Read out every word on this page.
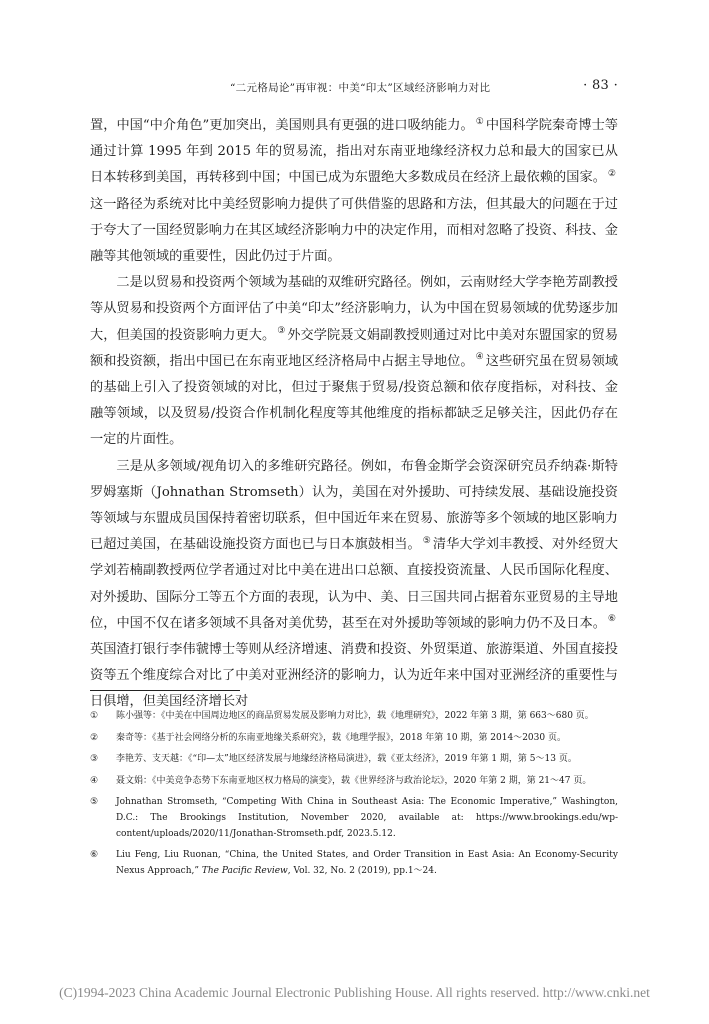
“二元格局论”再审视：中美“印太”区域经济影响力对比	· 83 ·

置，中国“中介角色”更加突出，美国则具有更强的进口吸纳能力。 ① 中国科学院秦奇博士等通过计算 1995 年到 2015 年的贸易流，指出对东南亚地缘经济权力总和最大的国家已从日本转移到美国，再转移到中国；中国已成为东盟绝大多数成员在经济上最依赖的国家。 ②这一路径为系统对比中美经贸影响力提供了可供借鉴的思路和方法，但其最大的问题在于过于夸大了一国经贸影响力在其区域经济影响力中的决定作用，而相对忽略了投资、科技、金融等其他领域的重要性，因此仍过于片面。

二是以贸易和投资两个领域为基础的双维研究路径。例如，云南财经大学李艳芳副教授等从贸易和投资两个方面评估了中美“印太”经济影响力，认为中国在贸易领域的优势逐步加大，但美国的投资影响力更大。 ③ 外交学院聂文娟副教授则通过对比中美对东盟国家的贸易额和投资额，指出中国已在东南亚地区经济格局中占据主导地位。 ④ 这些研究虽在贸易领域的基础上引入了投资领域的对比，但过于聚焦于贸易/投资总额和依存度指标，对科技、金融等领域，以及贸易/投资合作机制化程度等其他维度的指标都缺乏足够关注，因此仍存在一定的片面性。

三是从多领域/视角切入的多维研究路径。例如，布鲁金斯学会资深研究员乔纳森·斯特罗姆塞斯（Johnathan Stromseth）认为，美国在对外援助、可持续发展、基础设施投资等领域与东盟成员国保持着密切联系，但中国近年来在贸易、旅游等多个领域的地区影响力已超过美国，在基础设施投资方面也已与日本旗鼓相当。 ⑤ 清华大学刘丰教授、对外经贸大学刘若楠副教授两位学者通过对比中美在进出口总额、直接投资流量、人民币国际化程度、对外援助、国际分工等五个方面的表现，认为中、美、日三国共同占据着东亚贸易的主导地位，中国不仅在诸多领域不具备对美优势，甚至在对外援助等领域的影响力仍不及日本。 ⑥英国渣打银行李伟虢博士等则从经济增速、消费和投资、外贸渠道、旅游渠道、外国直接投资等五个维度综合对比了中美对亚洲经济的影响力，认为近年来中国对亚洲经济的重要性与日俱增，但美国经济增长对

① 陈小强等：《中美在中国周边地区的商品贸易发展及影响力对比》，载《地理研究》，2022 年第 3 期，第 663～680 页。
② 秦奇等：《基于社会网络分析的东南亚地缘关系研究》，载《地理学报》，2018 年第 10 期，第 2014～2030 页。
③ 李艳芳、支天越：《“印—太”地区经济发展与地缘经济格局演进》，载《亚太经济》，2019 年第 1 期，第 5～13 页。
④ 聂文娟：《中美竞争态势下东南亚地区权力格局的演变》，载《世界经济与政治论坛》，2020 年第 2 期，第 21～47 页。
⑤ Johnathan Stromseth, “Competing With China in Southeast Asia: The Economic Imperative,” Washington, D.C.: The Brookings Institution, November 2020, available at: https://www.brookings.edu/wp-content/uploads/2020/11/Jonathan-Stromseth.pdf, 2023.5.12.
⑥ Liu Feng, Liu Ruonan, “China, the United States, and Order Transition in East Asia: An Economy-Security Nexus Approach,” The Pacific Review, Vol. 32, No. 2 (2019), pp.1～24.
(C)1994-2023 China Academic Journal Electronic Publishing House. All rights reserved. http://www.cnki.net
